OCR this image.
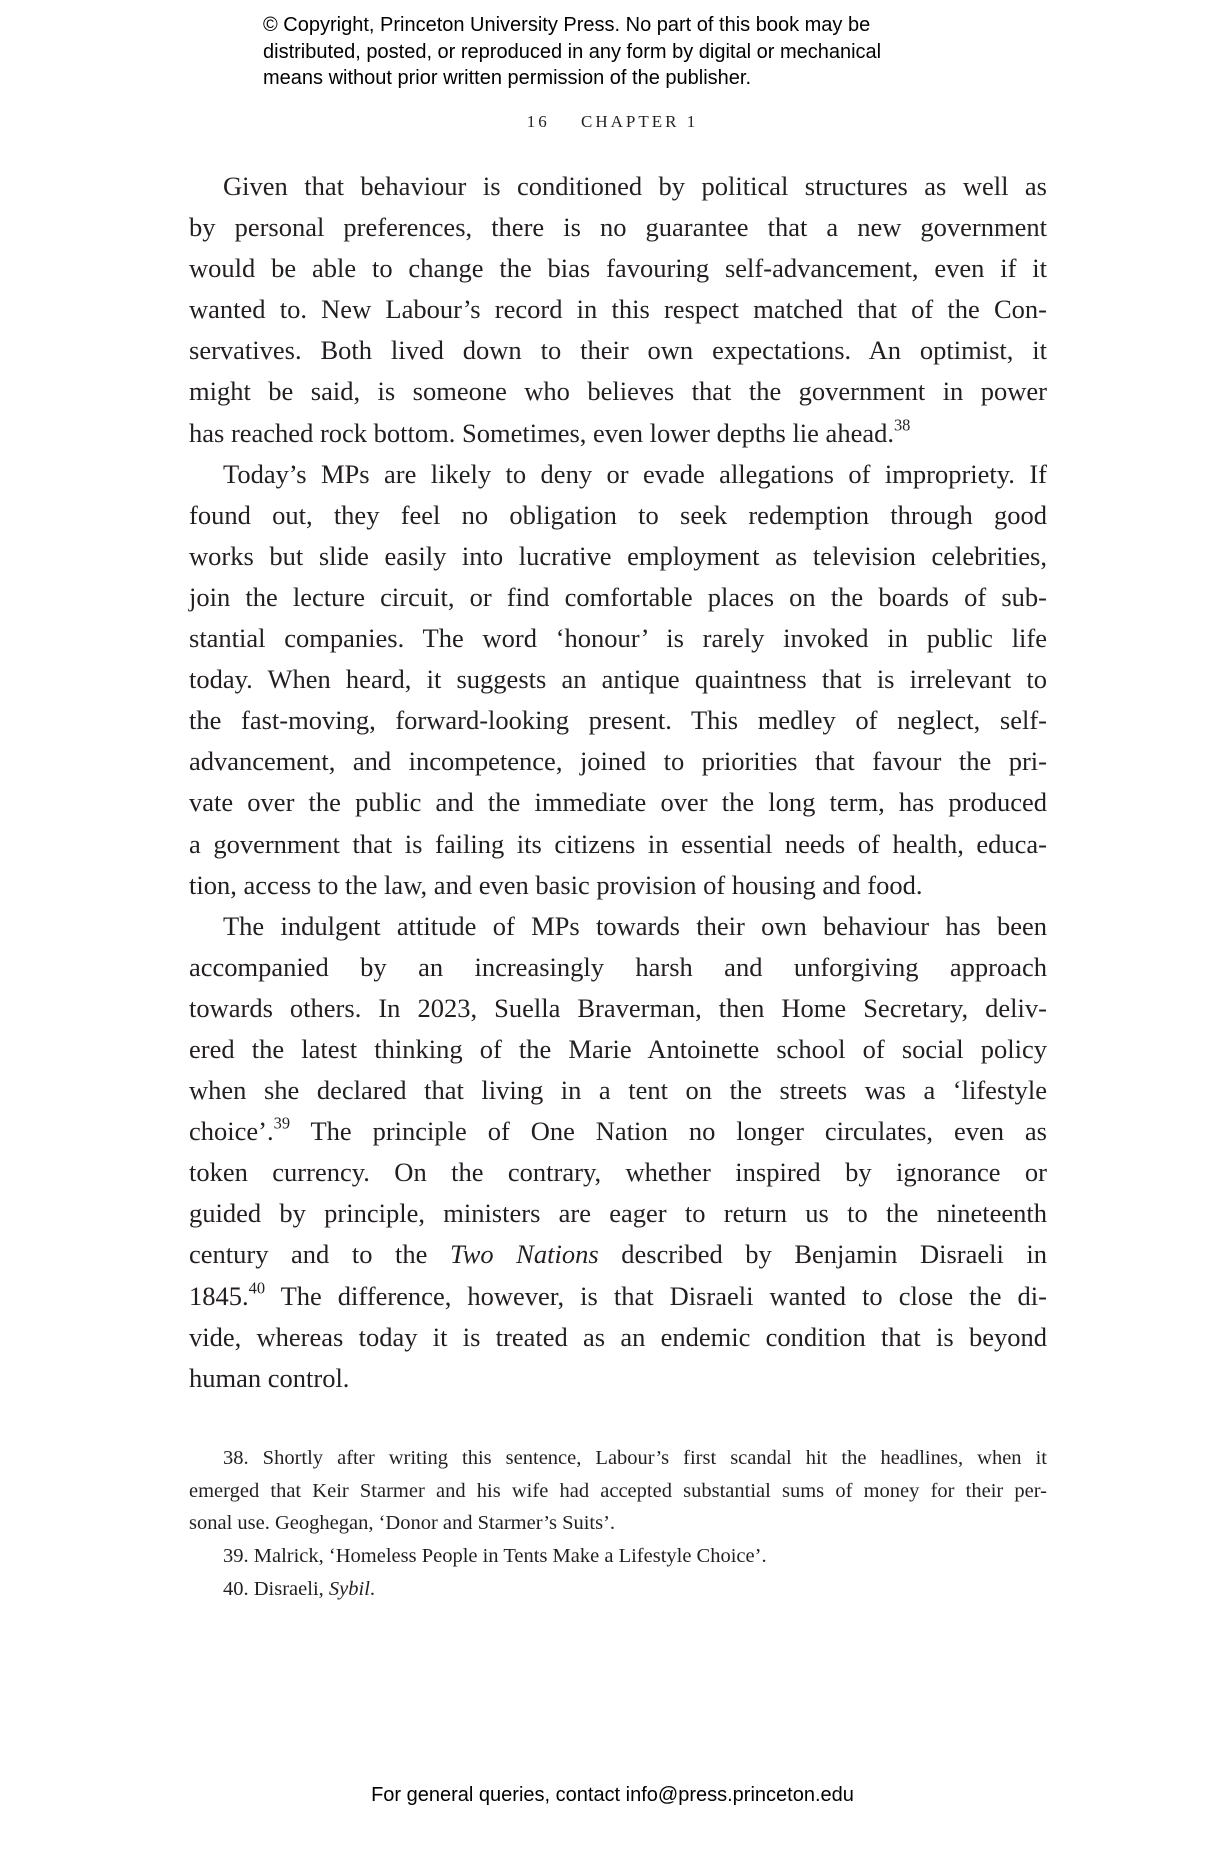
© Copyright, Princeton University Press. No part of this book may be
distributed, posted, or reproduced in any form by digital or mechanical
means without prior written permission of the publisher.
16 CHAPTER 1
Given that behaviour is conditioned by political structures as well as
by personal preferences, there is no guarantee that a new government
would be able to change the bias favouring self-advancement, even if it
wanted to. New Labour’s record in this respect matched that of the Con-
servatives. Both lived down to their own expectations. An optimist, it
might be said, is someone who believes that the government in power
has reached rock bottom. Sometimes, even lower depths lie ahead.$^{38}$
Today’s MPs are likely to deny or evade allegations of impropriety. If
found out, they feel no obligation to seek redemption through good
works but slide easily into lucrative employment as television celebrities,
join the lecture circuit, or find comfortable places on the boards of sub-
stantial companies. The word ‘honour’ is rarely invoked in public life
today. When heard, it suggests an antique quaintness that is irrelevant to
the fast-moving, forward-looking present. This medley of neglect, self-
advancement, and incompetence, joined to priorities that favour the pri-
vate over the public and the immediate over the long term, has produced
a government that is failing its citizens in essential needs of health, educa-
tion, access to the law, and even basic provision of housing and food.
The indulgent attitude of MPs towards their own behaviour has been
accompanied by an increasingly harsh and unforgiving approach
towards others. In 2023, Suella Braverman, then Home Secretary, deliv-
ered the latest thinking of the Marie Antoinette school of social policy
when she declared that living in a tent on the streets was a ‘lifestyle
choice’.$^{39}$ The principle of One Nation no longer circulates, even as
token currency. On the contrary, whether inspired by ignorance or
guided by principle, ministers are eager to return us to the nineteenth
century and to the Two Nations described by Benjamin Disraeli in
1845.40 The difference, however, is that Disraeli wanted to close the di-
vide, whereas today it is treated as an endemic condition that is beyond
human control.
38. Shortly after writing this sentence, Labour’s first scandal hit the headlines, when it
emerged that Keir Starmer and his wife had accepted substantial sums of money for their per-
sonal use. Geoghegan, ‘Donor and Starmer’s Suits’.
39. Malrick, ‘Homeless People in Tents Make a Lifestyle Choice’.
40. Disraeli, Sybil.
For general queries, contact info@press.princeton.edu
